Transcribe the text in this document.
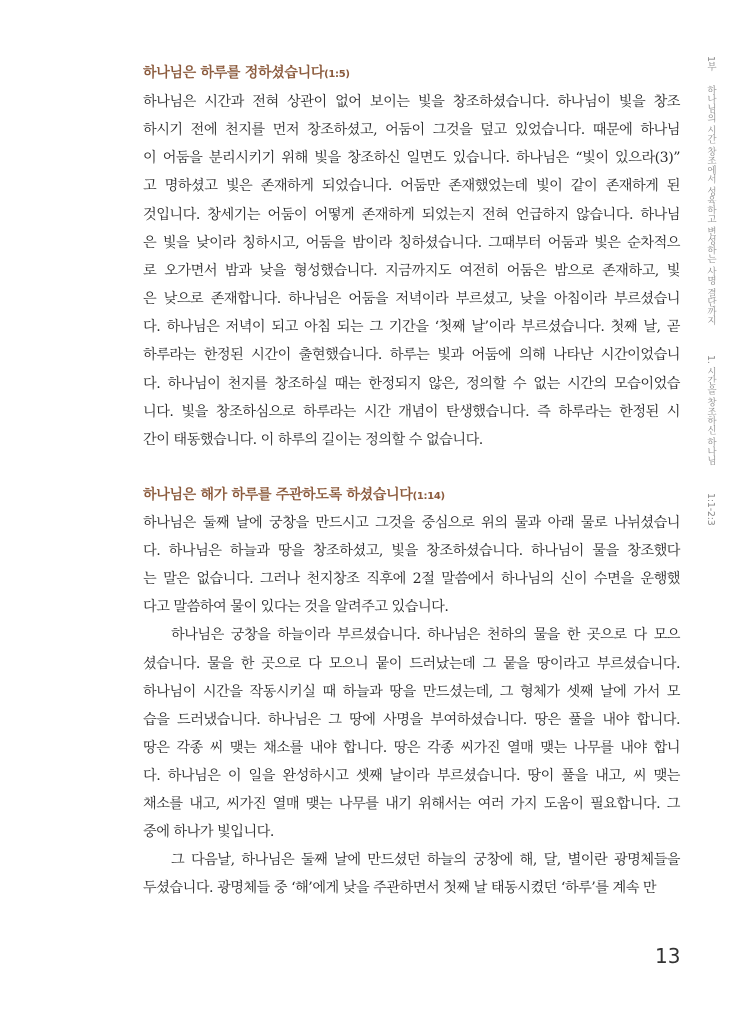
하나님은 하루를 정하셨습니다(1:5)
하나님은 시간과 전혀 상관이 없어 보이는 빛을 창조하셨습니다. 하나님이 빛을 창조
하시기 전에 천지를 먼저 창조하셨고, 어둠이 그것을 덮고 있었습니다. 때문에 하나님
이 어둠을 분리시키기 위해 빛을 창조하신 일면도 있습니다. 하나님은 “빛이 있으라(3)”
고 명하셨고 빛은 존재하게 되었습니다. 어둠만 존재했었는데 빛이 같이 존재하게 된
것입니다. 창세기는 어둠이 어떻게 존재하게 되었는지 전혀 언급하지 않습니다. 하나님
은 빛을 낮이라 칭하시고, 어둠을 밤이라 칭하셨습니다. 그때부터 어둠과 빛은 순차적으
로 오가면서 밤과 낮을 형성했습니다. 지금까지도 여전히 어둠은 밤으로 존재하고, 빛
은 낮으로 존재합니다. 하나님은 어둠을 저녁이라 부르셨고, 낮을 아침이라 부르셨습니
다. 하나님은 저녁이 되고 아침 되는 그 기간을 ‘첫째 날’이라 부르셨습니다. 첫째 날, 곧
하루라는 한정된 시간이 출현했습니다. 하루는 빛과 어둠에 의해 나타난 시간이었습니
다. 하나님이 천지를 창조하실 때는 한정되지 않은, 정의할 수 없는 시간의 모습이었습
니다. 빛을 창조하심으로 하루라는 시간 개념이 탄생했습니다. 즉 하루라는 한정된 시
간이 태동했습니다. 이 하루의 길이는 정의할 수 없습니다.
하나님은 해가 하루를 주관하도록 하셨습니다(1:14)
하나님은 둘째 날에 궁창을 만드시고 그것을 중심으로 위의 물과 아래 물로 나뉘셨습니
다. 하나님은 하늘과 땅을 창조하셨고, 빛을 창조하셨습니다. 하나님이 물을 창조했다
는 말은 없습니다. 그러나 천지창조 직후에 2절 말씀에서 하나님의 신이 수면을 운행했
다고 말씀하여 물이 있다는 것을 알려주고 있습니다.
하나님은 궁창을 하늘이라 부르셨습니다. 하나님은 천하의 물을 한 곳으로 다 모으
셨습니다. 물을 한 곳으로 다 모으니 뭍이 드러났는데 그 뭍을 땅이라고 부르셨습니다.
하나님이 시간을 작동시키실 때 하늘과 땅을 만드셨는데, 그 형체가 셋째 날에 가서 모
습을 드러냈습니다. 하나님은 그 땅에 사명을 부여하셨습니다. 땅은 풀을 내야 합니다.
땅은 각종 씨 맺는 채소를 내야 합니다. 땅은 각종 씨가진 열매 맺는 나무를 내야 합니
다. 하나님은 이 일을 완성하시고 셋째 날이라 부르셨습니다. 땅이 풀을 내고, 씨 맺는
채소를 내고, 씨가진 열매 맺는 나무를 내기 위해서는 여러 가지 도움이 필요합니다. 그
중에 하나가 빛입니다.
그 다음날, 하나님은 둘째 날에 만드셨던 하늘의 궁창에 해, 달, 별이란 광명체들을
두셨습니다. 광명체들 중 ‘해’에게 낮을 주관하면서 첫째 날 태동시켰던 ‘하루’를 계속 만
1부하나님의 시간 창조에서 성육하고 변성하는 사명 결단까지1. 시간을 창조하신 하나님1:1-2:3
13
